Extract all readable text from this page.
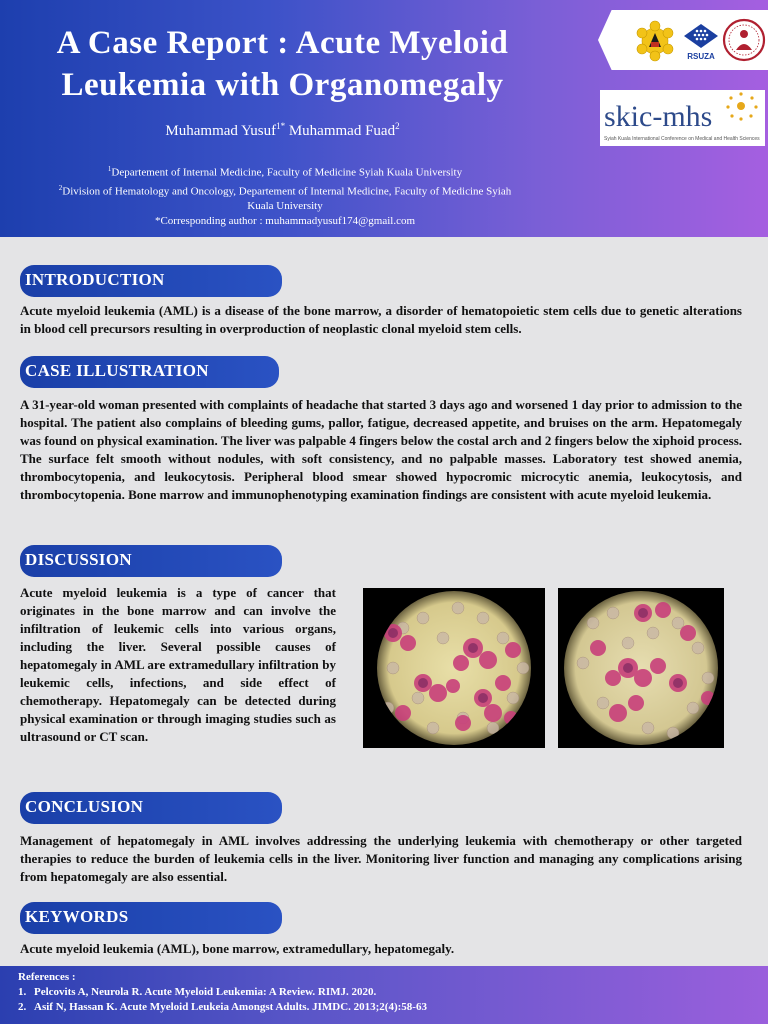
A Case Report : Acute Myeloid
Leukemia with Organomegaly
Muhammad Yusuf$^{1*}$ Muhammad Fuad$^2$
$^1$Departement of Internal Medicine, Faculty of Medicine Syiah Kuala University
$^2$Division of Hematology and Oncology, Departement of Internal Medicine, Faculty of Medicine Syiah Kuala University
*Corresponding author : muhammadyusuf174@gmail.com
RSUZA
skic-mhs
Syiah Kuala International Conference on Medical and Health Sciences
INTRODUCTION
Acute myeloid leukemia (AML) is a disease of the bone marrow, a disorder of hematopoietic stem cells due to genetic alterations in blood cell precursors resulting in overproduction of neoplastic clonal myeloid stem cells.
CASE ILLUSTRATION
A 31-year-old woman presented with complaints of headache that started 3 days ago and worsened 1 day prior to admission to the hospital. The patient also complains of bleeding gums, pallor, fatigue, decreased appetite, and bruises on the arm. Hepatomegaly was found on physical examination. The liver was palpable 4 fingers below the costal arch and 2 fingers below the xiphoid process. The surface felt smooth without nodules, with soft consistency, and no palpable masses. Laboratory test showed anemia, thrombocytopenia, and leukocytosis. Peripheral blood smear showed hypocromic microcytic anemia, leukocytosis, and thrombocytopenia. Bone marrow and immunophenotyping examination findings are consistent with acute myeloid leukemia.
DISCUSSION
Acute myeloid leukemia is a type of cancer that originates in the bone marrow and can involve the infiltration of leukemic cells into various organs, including the liver. Several possible causes of hepatomegaly in AML are extramedullary infiltration by leukemic cells, infections, and side effect of chemotherapy. Hepatomegaly can be detected during physical examination or through imaging studies such as ultrasound or CT scan.
CONCLUSION
Management of hepatomegaly in AML involves addressing the underlying leukemia with chemotherapy or other targeted therapies to reduce the burden of leukemia cells in the liver. Monitoring liver function and managing any complications arising from hepatomegaly are also essential.
KEYWORDS
Acute myeloid leukemia (AML), bone marrow, extramedullary, hepatomegaly.
References :
1. Pelcovits A, Neurola R. Acute Myeloid Leukemia: A Review. RIMJ. 2020.
2. Asif N, Hassan K. Acute Myeloid Leukeia Amongst Adults. JIMDC. 2013;2(4):58-63
